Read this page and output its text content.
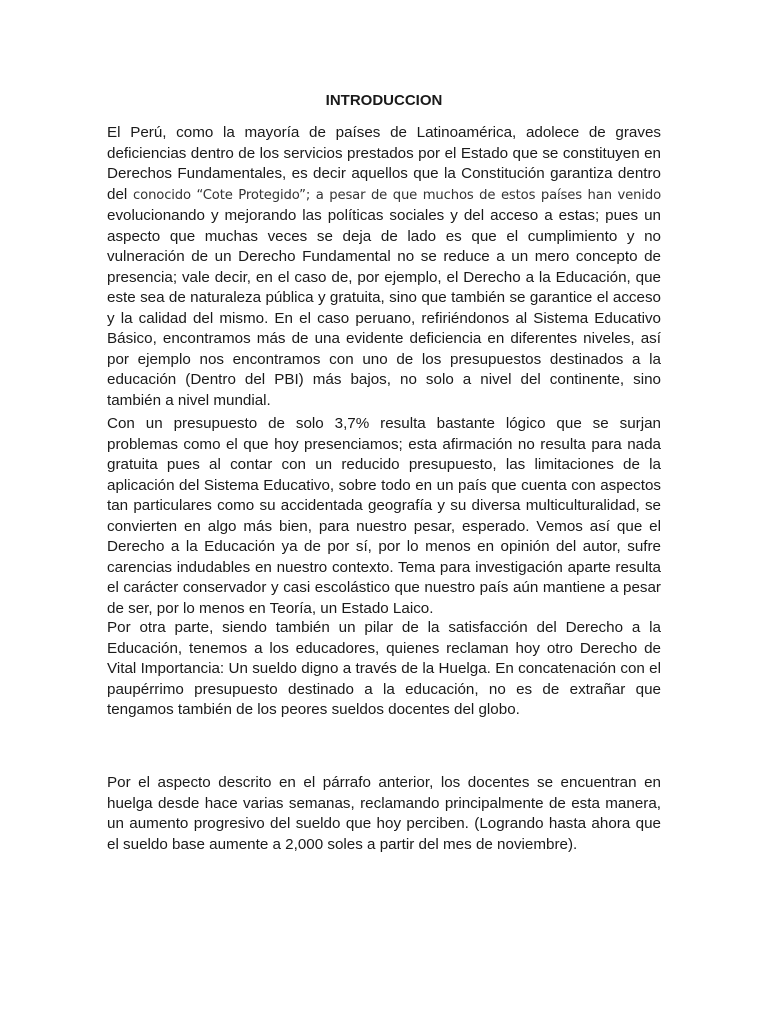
INTRODUCCION

El Perú, como la mayoría de países de Latinoamérica, adolece de graves deficiencias dentro de los servicios prestados por el Estado que se constituyen en Derechos Fundamentales, es decir aquellos que la Constitución garantiza dentro del conocido “Cote Protegido”; a pesar de que muchos de estos países han venido evolucionando y mejorando las políticas sociales y del acceso a estas; pues un aspecto que muchas veces se deja de lado es que el cumplimiento y no vulneración de un Derecho Fundamental no se reduce a un mero concepto de presencia; vale decir, en el caso de, por ejemplo, el Derecho a la Educación, que este sea de naturaleza pública y gratuita, sino que también se garantice el acceso y la calidad del mismo. En el caso peruano, refiriéndonos al Sistema Educativo Básico, encontramos más de una evidente deficiencia en diferentes niveles, así por ejemplo nos encontramos con uno de los presupuestos destinados a la educación (Dentro del PBI) más bajos, no solo a nivel del continente, sino también a nivel mundial.

Con un presupuesto de solo 3,7% resulta bastante lógico que se surjan problemas como el que hoy presenciamos; esta afirmación no resulta para nada gratuita pues al contar con un reducido presupuesto, las limitaciones de la aplicación del Sistema Educativo, sobre todo en un país que cuenta con aspectos tan particulares como su accidentada geografía y su diversa multiculturalidad, se convierten en algo más bien, para nuestro pesar, esperado. Vemos así que el Derecho a la Educación ya de por sí, por lo menos en opinión del autor, sufre carencias indudables en nuestro contexto. Tema para investigación aparte resulta el carácter conservador y casi escolástico que nuestro país aún mantiene a pesar de ser, por lo menos en Teoría, un Estado Laico.

Por otra parte, siendo también un pilar de la satisfacción del Derecho a la Educación, tenemos a los educadores, quienes reclaman hoy otro Derecho de Vital Importancia: Un sueldo digno a través de la Huelga. En concatenación con el paupérrimo presupuesto destinado a la educación, no es de extrañar que tengamos también de los peores sueldos docentes del globo.

Por el aspecto descrito en el párrafo anterior, los docentes se encuentran en huelga desde hace varias semanas, reclamando principalmente de esta manera, un aumento progresivo del sueldo que hoy perciben. (Logrando hasta ahora que el sueldo base aumente a 2,000 soles a partir del mes de noviembre).
